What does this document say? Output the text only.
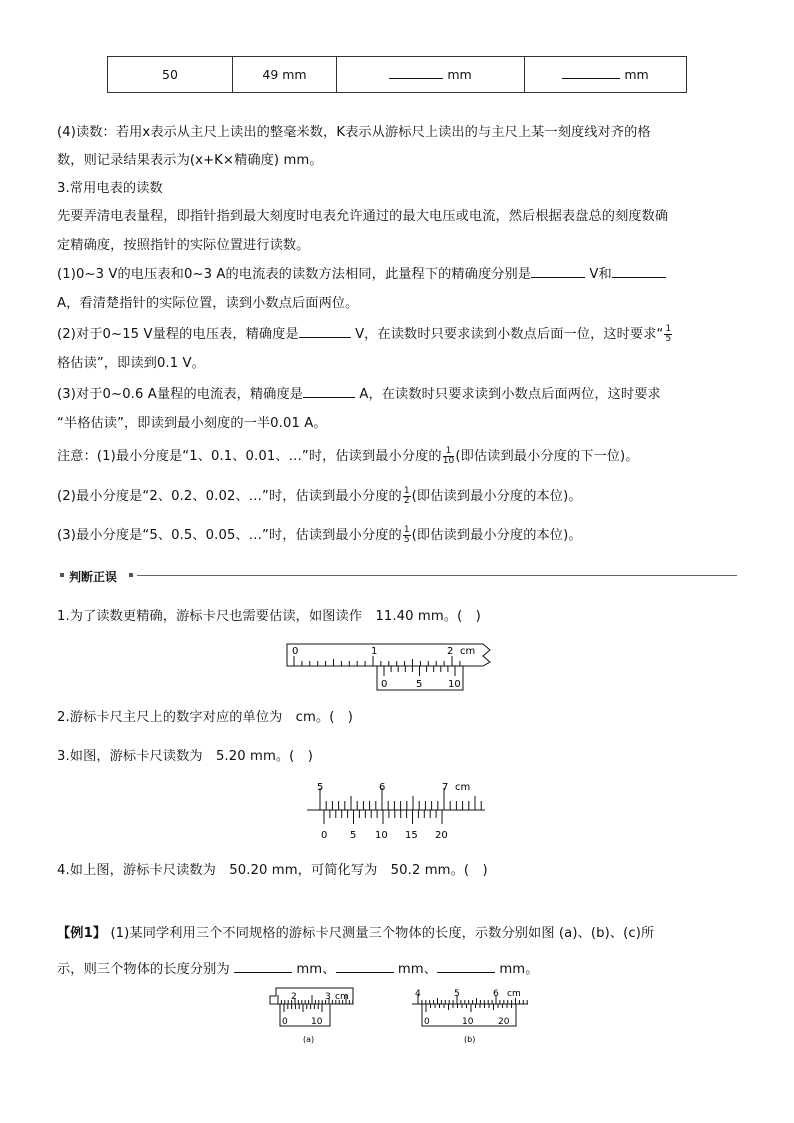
50	49 mm	mm	mm
(4)读数：若用x表示从主尺上读出的整毫米数，K表示从游标尺上读出的与主尺上某一刻度线对齐的格
数，则记录结果表示为(x+K×精确度) mm。
3.常用电表的读数
先要弄清电表量程，即指针指到最大刻度时电表允许通过的最大电压或电流，然后根据表盘总的刻度数确
定精确度，按照指针的实际位置进行读数。
(1)0~3 V的电压表和0~3 A的电流表的读数方法相同，此量程下的精确度分别是	V和
A，看清楚指针的实际位置，读到小数点后面两位。
(2)对于0~15 V量程的电压表，精确度是	V，在读数时只要求读到小数点后面一位，这时要求“ $\frac{1}{5}$
格估读”，即读到0.1 V。
(3)对于0~0.6 A量程的电流表，精确度是	A，在读数时只要求读到小数点后面两位，这时要求
“半格估读”，即读到最小刻度的一半0.01 A。
注意：(1)最小分度是“1、0.1、0.01、…”时，估读到最小分度的 $\frac{1}{10}$ (即估读到最小分度的下一位)。
(2)最小分度是“2、0.2、0.02、…”时，估读到最小分度的 $\frac{1}{2}$ (即估读到最小分度的本位)。
(3)最小分度是“5、0.5、0.05、…”时，估读到最小分度的 $\frac{1}{5}$ (即估读到最小分度的本位)。
判断正误
1.为了读数更精确，游标卡尺也需要估读，如图读作　11.40 mm。(　)
0	1	2 cm
0	5	10
2.游标卡尺主尺上的数字对应的单位为　cm。(　)
3.如图，游标卡尺读数为　5.20 mm。(　)
5	6	7 cm
0 5 10 15 20
4.如上图，游标卡尺读数为　50.20 mm，可简化写为　50.2 mm。(　)
【例1】 (1)某同学利用三个不同规格的游标卡尺测量三个物体的长度，示数分别如图 (a)、(b)、(c)所
示，则三个物体的长度分别为	mm、	mm、	mm。
2	3 cm
0	10
(a)
4	5	6 cm
0	10	20
(b)
